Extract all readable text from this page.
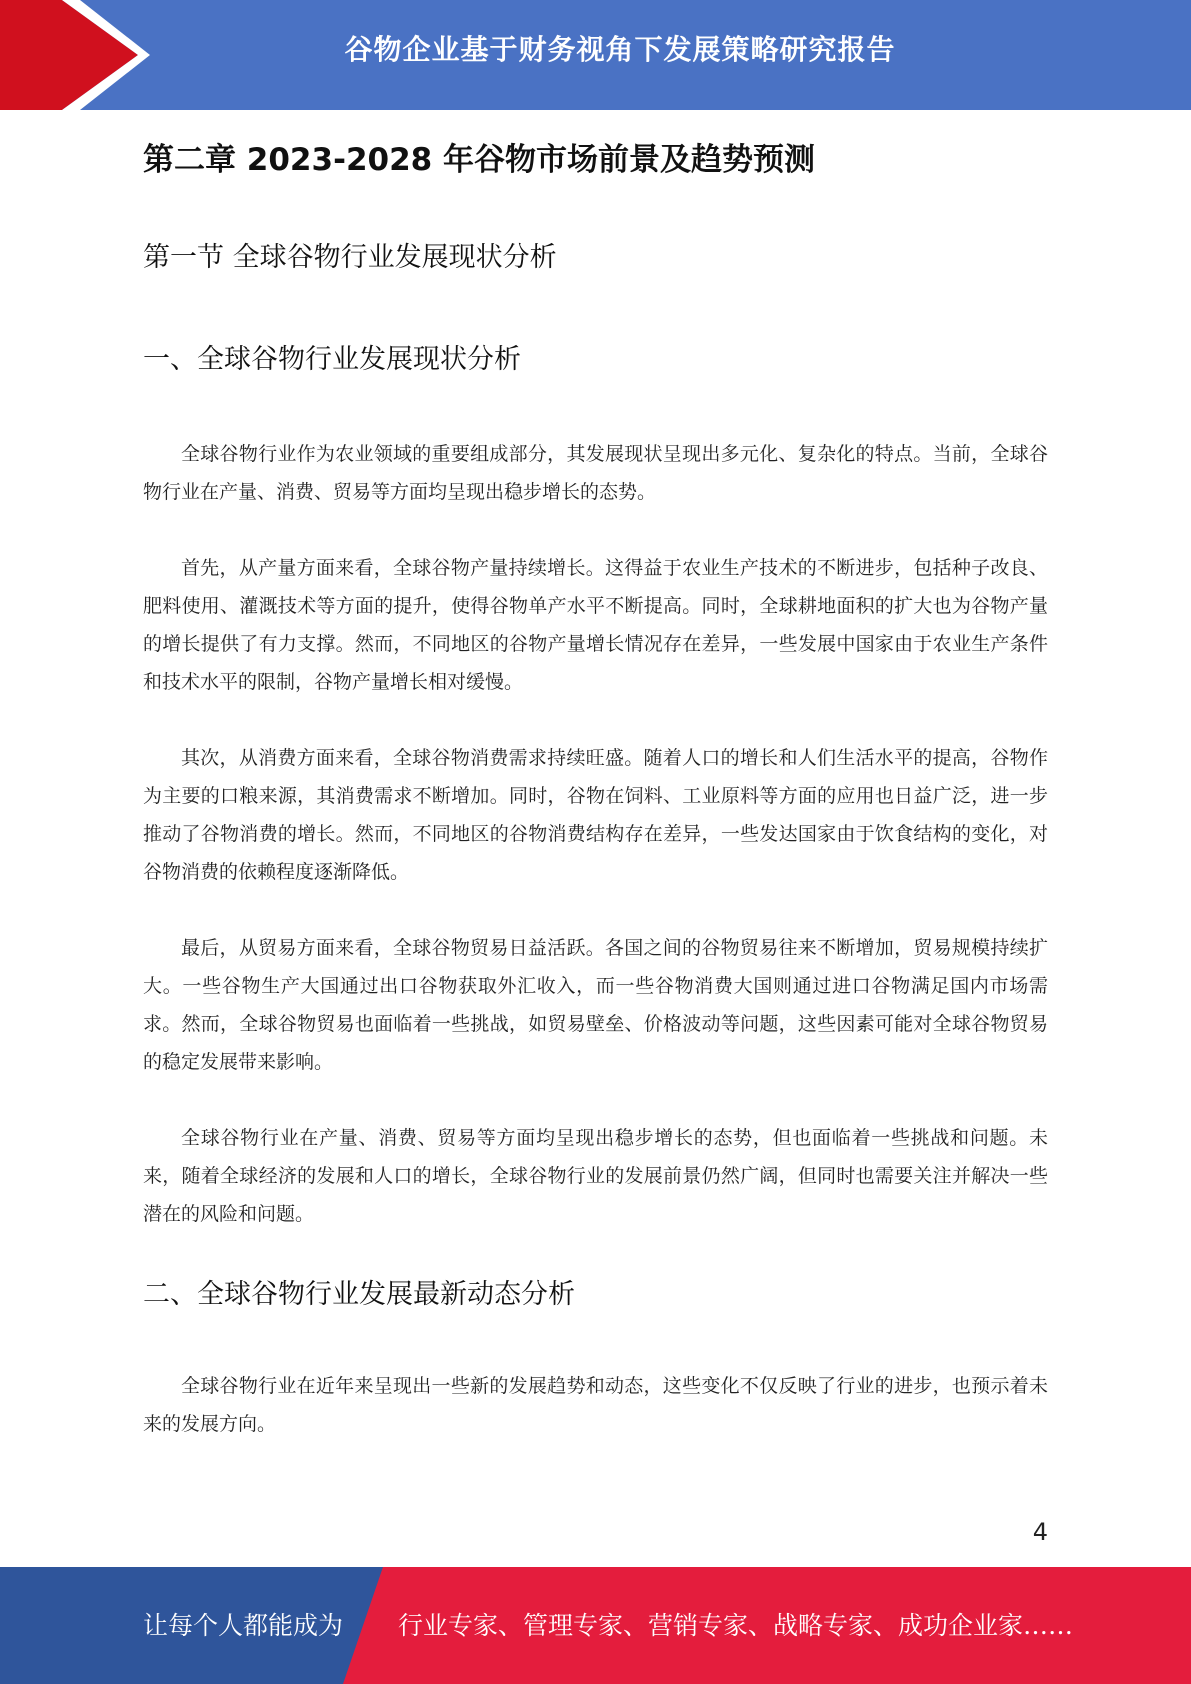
谷物企业基于财务视角下发展策略研究报告
第二章 2023-2028 年谷物市场前景及趋势预测
第一节 全球谷物行业发展现状分析
一、全球谷物行业发展现状分析

全球谷物行业作为农业领域的重要组成部分，其发展现状呈现出多元化、复杂化的特点。当前，全球谷物行业在产量、消费、贸易等方面均呈现出稳步增长的态势。

首先，从产量方面来看，全球谷物产量持续增长。这得益于农业生产技术的不断进步，包括种子改良、肥料使用、灌溉技术等方面的提升，使得谷物单产水平不断提高。同时，全球耕地面积的扩大也为谷物产量的增长提供了有力支撑。然而，不同地区的谷物产量增长情况存在差异，一些发展中国家由于农业生产条件和技术水平的限制，谷物产量增长相对缓慢。

其次，从消费方面来看，全球谷物消费需求持续旺盛。随着人口的增长和人们生活水平的提高，谷物作为主要的口粮来源，其消费需求不断增加。同时，谷物在饲料、工业原料等方面的应用也日益广泛，进一步推动了谷物消费的增长。然而，不同地区的谷物消费结构存在差异，一些发达国家由于饮食结构的变化，对谷物消费的依赖程度逐渐降低。

最后，从贸易方面来看，全球谷物贸易日益活跃。各国之间的谷物贸易往来不断增加，贸易规模持续扩大。一些谷物生产大国通过出口谷物获取外汇收入，而一些谷物消费大国则通过进口谷物满足国内市场需求。然而，全球谷物贸易也面临着一些挑战，如贸易壁垒、价格波动等问题，这些因素可能对全球谷物贸易的稳定发展带来影响。

全球谷物行业在产量、消费、贸易等方面均呈现出稳步增长的态势，但也面临着一些挑战和问题。未来，随着全球经济的发展和人口的增长，全球谷物行业的发展前景仍然广阔，但同时也需要关注并解决一些潜在的风险和问题。

二、全球谷物行业发展最新动态分析

全球谷物行业在近年来呈现出一些新的发展趋势和动态，这些变化不仅反映了行业的进步，也预示着未来的发展方向。

4
让每个人都能成为 行业专家、管理专家、营销专家、战略专家、成功企业家……
